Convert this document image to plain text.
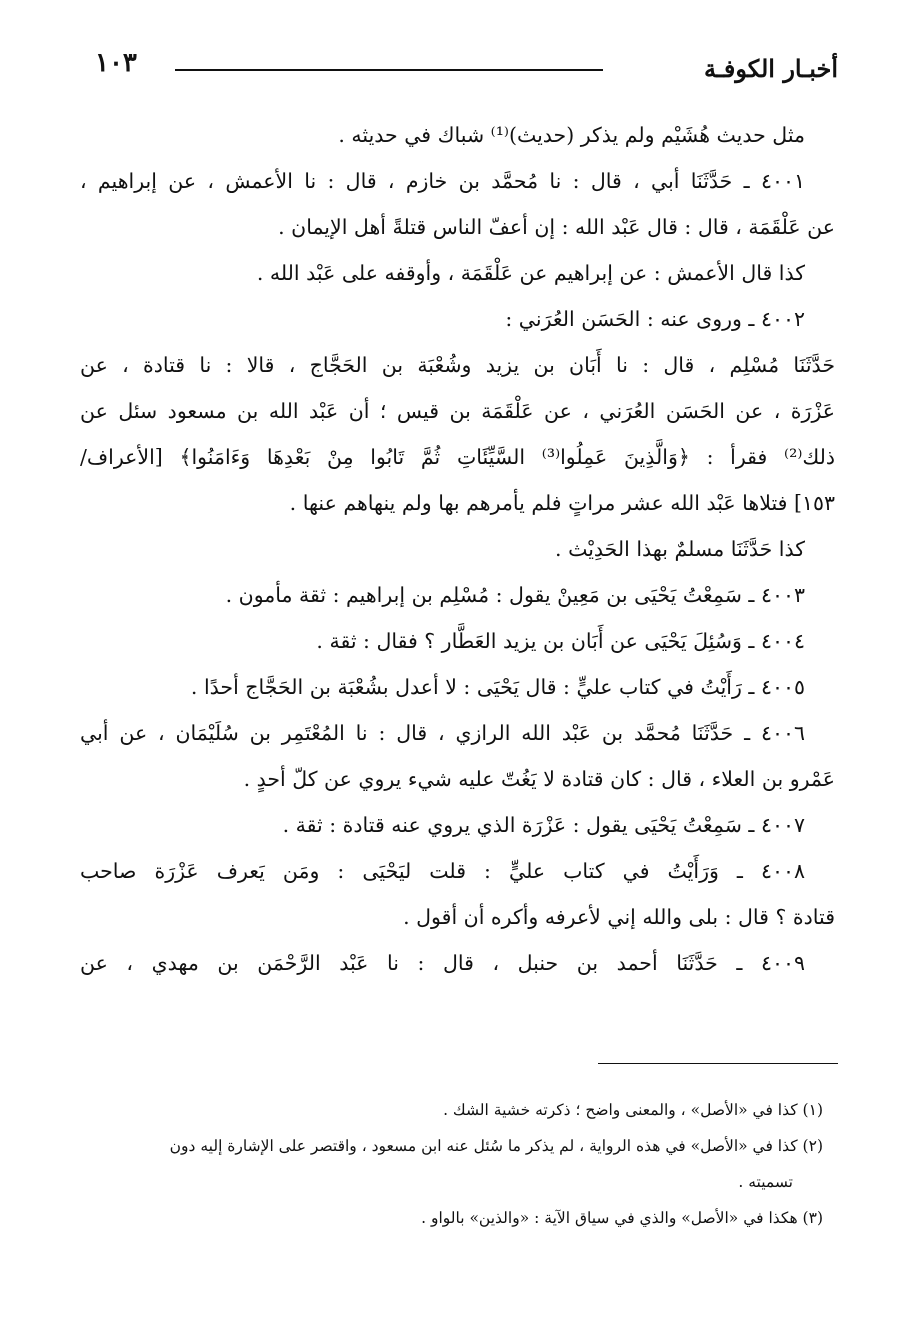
أخبـار الكوفـة
١٠٣
مثل حديث هُشَيْم ولم يذكر (حديث)⁽¹⁾ شباك في حديثه .
٤٠٠١ ـ حَدَّثَنَا أبي ، قال : نا مُحمَّد بن خازم ، قال : نا الأعمش ، عن إبراهيم ،
عن عَلْقَمَة ، قال : قال عَبْد الله : إن أعفّ الناس قتلةً أهل الإيمان .
كذا قال الأعمش : عن إبراهيم عن عَلْقَمَة ، وأوقفه على عَبْد الله .
٤٠٠٢ ـ وروى عنه : الحَسَن العُرَني :
حَدَّثَنَا مُسْلِم ، قال : نا أَبَان بن يزيد وشُعْبَة بن الحَجَّاج ، قالا : نا قتادة ، عن
عَزْرَة ، عن الحَسَن العُرَني ، عن عَلْقَمَة بن قيس ؛ أن عَبْد الله بن مسعود سئل عن
ذلك⁽²⁾ فقرأ : ﴿وَالَّذِينَ عَمِلُوا⁽³⁾ السَّيِّئَاتِ ثُمَّ تَابُوا مِنْ بَعْدِهَا وَءَامَنُوا﴾ [الأعراف/
١٥٣] فتلاها عَبْد الله عشر مراتٍ فلم يأمرهم بها ولم ينهاهم عنها .
كذا حَدَّثَنَا مسلمٌ بهذا الحَدِيْث .
٤٠٠٣ ـ سَمِعْتُ يَحْيَى بن مَعِينْ يقول : مُسْلِم بن إبراهيم : ثقة مأمون .
٤٠٠٤ ـ وَسُئِلَ يَحْيَى عن أَبَان بن يزيد العَطَّار ؟ فقال : ثقة .
٤٠٠٥ ـ رَأَيْتُ في كتاب عليٍّ : قال يَحْيَى : لا أعدل بشُعْبَة بن الحَجَّاج أحدًا .
٤٠٠٦ ـ حَدَّثَنَا مُحمَّد بن عَبْد الله الرازي ، قال : نا المُعْتَمِر بن سُلَيْمَان ، عن أبي
عَمْرو بن العلاء ، قال : كان قتادة لا يَغُتّ عليه شيء يروي عن كلّ أحدٍ .
٤٠٠٧ ـ سَمِعْتُ يَحْيَى يقول : عَزْرَة الذي يروي عنه قتادة : ثقة .
٤٠٠٨ ـ وَرَأَيْتُ في كتاب عليٍّ : قلت ليَحْيَى : ومَن يَعرف عَزْرَة صاحب
قتادة ؟ قال : بلى والله إني لأعرفه وأكره أن أقول .
٤٠٠٩ ـ حَدَّثَنَا أحمد بن حنبل ، قال : نا عَبْد الرَّحْمَن بن مهدي ، عن
(١) كذا في «الأصل» ، والمعنى واضح ؛ ذكرته خشية الشك .
(٢) كذا في «الأصل» في هذه الرواية ، لم يذكر ما سُئل عنه ابن مسعود ، واقتصر على الإشارة إليه دون
تسميته .
(٣) هكذا في «الأصل» والذي في سياق الآية : «والذين» بالواو .
